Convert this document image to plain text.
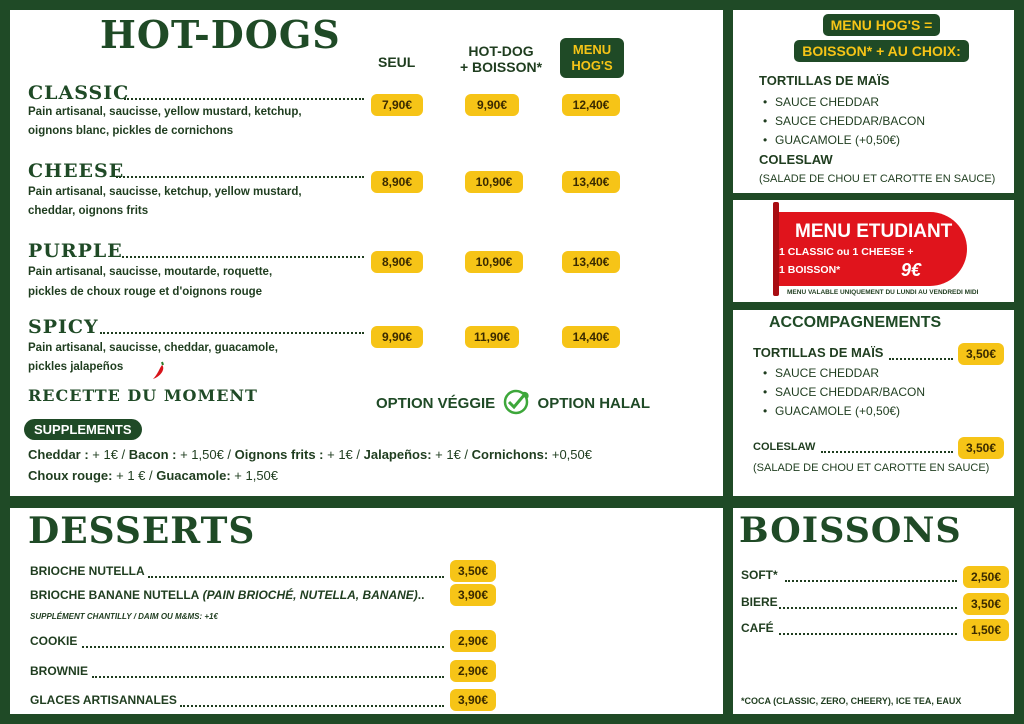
HOT-DOGS
SEUL
HOT-DOG
+ BOISSON*
MENU
HOG'S
CLASSIC
Pain artisanal, saucisse, yellow mustard, ketchup,
oignons blanc, pickles de cornichons
7,90€	9,90€	12,40€
CHEESE
Pain artisanal, saucisse, ketchup, yellow mustard,
cheddar, oignons frits
8,90€	10,90€	13,40€
PURPLE
Pain artisanal, saucisse, moutarde, roquette,
pickles de choux rouge et d'oignons rouge
8,90€	10,90€	13,40€
SPICY
Pain artisanal, saucisse, cheddar, guacamole,
pickles jalapeños
9,90€	11,90€	14,40€
RECETTE DU MOMENT	OPTION VÉGGIE	OPTION HALAL
SUPPLEMENTS
Cheddar : + 1€ / Bacon : + 1,50€ / Oignons frits : + 1€ / Jalapeños: + 1€ / Cornichons: +0,50€
Choux rouge: + 1 € / Guacamole: + 1,50€
MENU HOG'S =
BOISSON* + AU CHOIX:
TORTILLAS DE MAÏS
• SAUCE CHEDDAR
• SAUCE CHEDDAR/BACON
• GUACAMOLE (+0,50€)
COLESLAW
(SALADE DE CHOU ET CAROTTE EN SAUCE)
MENU ETUDIANT
1 CLASSIC ou 1 CHEESE +
1 BOISSON*	9€
MENU VALABLE UNIQUEMENT DU LUNDI AU VENDREDI MIDI
ACCOMPAGNEMENTS
TORTILLAS DE MAÏS	3,50€
• SAUCE CHEDDAR
• SAUCE CHEDDAR/BACON
• GUACAMOLE (+0,50€)
COLESLAW	3,50€
(SALADE DE CHOU ET CAROTTE EN SAUCE)
DESSERTS
BRIOCHE NUTELLA	3,50€
BRIOCHE BANANE NUTELLA (PAIN BRIOCHÉ, NUTELLA, BANANE)..	3,90€
SUPPLÉMENT CHANTILLY / DAIM OU M&MS: +1€
COOKIE	2,90€
BROWNIE	2,90€
GLACES ARTISANNALES	3,90€
BOISSONS
SOFT*	2,50€
BIERE	3,50€
CAFÉ	1,50€
*COCA (CLASSIC, ZERO, CHEERY), ICE TEA, EAUX
